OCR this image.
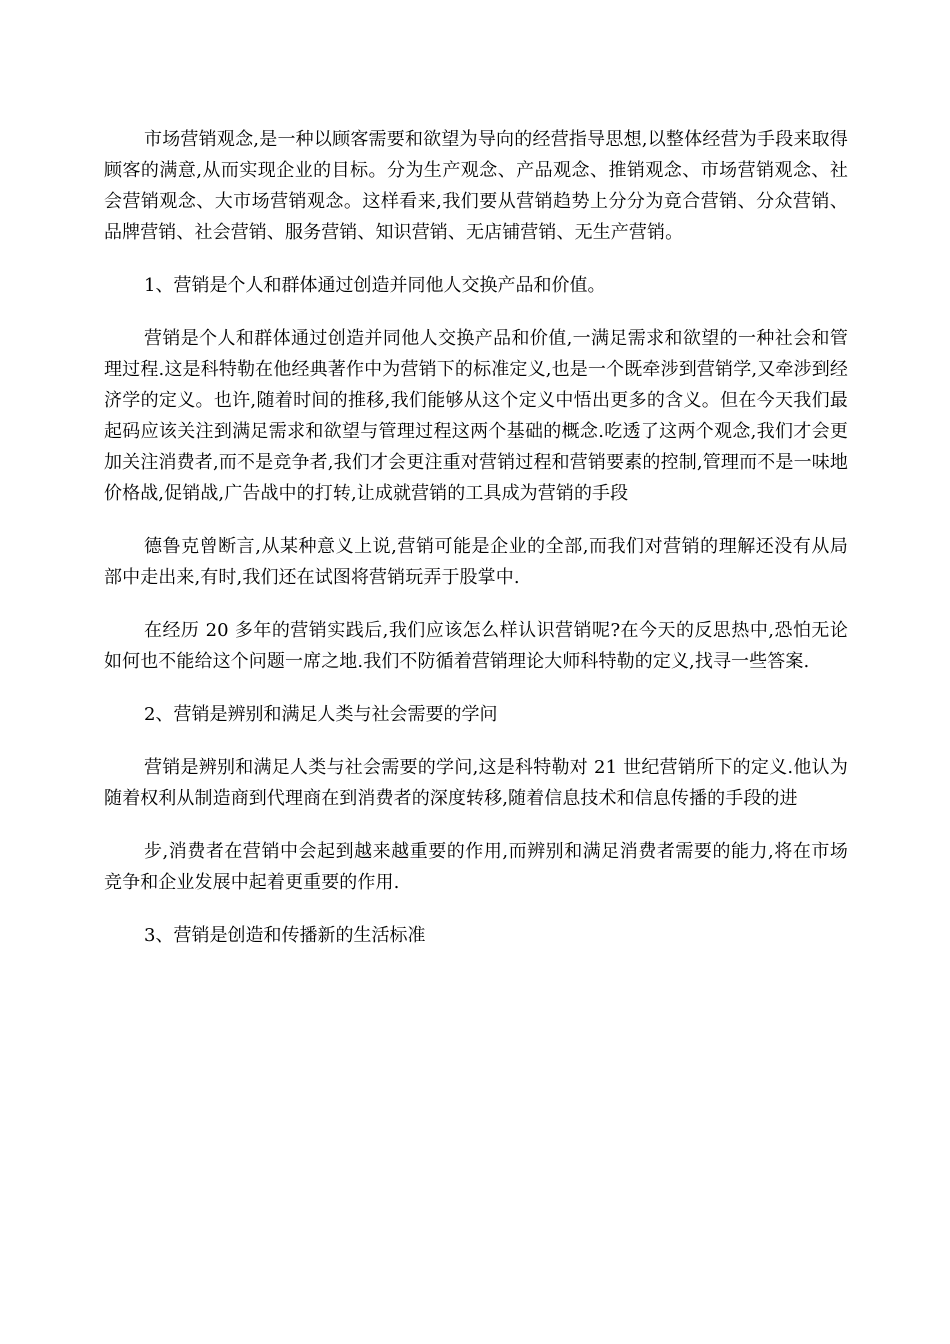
市场营销观念,是一种以顾客需要和欲望为导向的经营指导思想,以整体经营为手段来取得顾客的满意,从而实现企业的目标。分为生产观念、产品观念、推销观念、市场营销观念、社会营销观念、大市场营销观念。这样看来,我们要从营销趋势上分分为竟合营销、分众营销、品牌营销、社会营销、服务营销、知识营销、无店铺营销、无生产营销。

1、营销是个人和群体通过创造并同他人交换产品和价值。

营销是个人和群体通过创造并同他人交换产品和价值,一满足需求和欲望的一种社会和管理过程.这是科特勒在他经典著作中为营销下的标准定义,也是一个既牵涉到营销学,又牵涉到经济学的定义。也许,随着时间的推移,我们能够从这个定义中悟出更多的含义。但在今天我们最起码应该关注到满足需求和欲望与管理过程这两个基础的概念.吃透了这两个观念,我们才会更加关注消费者,而不是竞争者,我们才会更注重对营销过程和营销要素的控制,管理而不是一味地价格战,促销战,广告战中的打转,让成就营销的工具成为营销的手段

德鲁克曾断言,从某种意义上说,营销可能是企业的全部,而我们对营销的理解还没有从局部中走出来,有时,我们还在试图将营销玩弄于股掌中.

在经历 20 多年的营销实践后,我们应该怎么样认识营销呢?在今天的反思热中,恐怕无论如何也不能给这个问题一席之地.我们不防循着营销理论大师科特勒的定义,找寻一些答案.

2、营销是辨别和满足人类与社会需要的学问

营销是辨别和满足人类与社会需要的学问,这是科特勒对 21 世纪营销所下的定义.他认为随着权利从制造商到代理商在到消费者的深度转移,随着信息技术和信息传播的手段的进

步,消费者在营销中会起到越来越重要的作用,而辨别和满足消费者需要的能力,将在市场竞争和企业发展中起着更重要的作用.

3、营销是创造和传播新的生活标准
